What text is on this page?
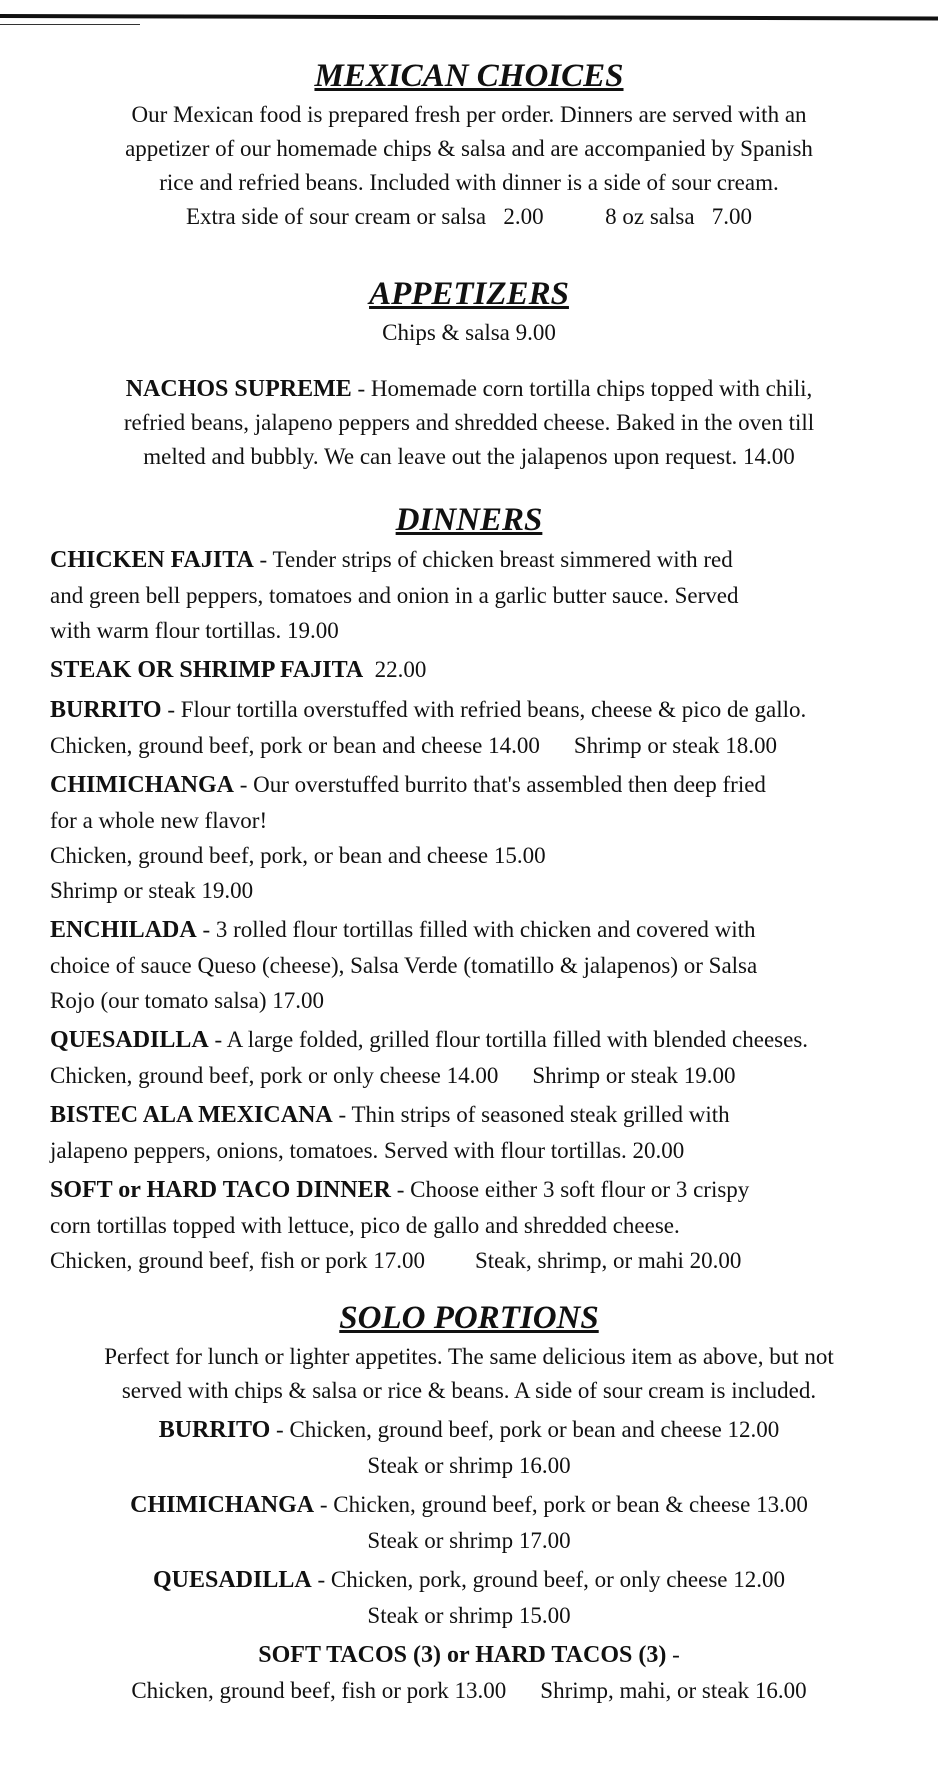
MEXICAN CHOICES

Our Mexican food is prepared fresh per order. Dinners are served with an

appetizer of our homemade chips & salsa and are accompanied by Spanish

rice and refried beans. Included with dinner is a side of sour cream.

Extra side of sour cream or salsa 2.00	8 oz salsa 7.00

APPETIZERS

Chips & salsa 9.00

NACHOS SUPREME - Homemade corn tortilla chips topped with chili,

refried beans, jalapeno peppers and shredded cheese. Baked in the oven till

melted and bubbly. We can leave out the jalapenos upon request. 14.00

DINNERS

CHICKEN FAJITA - Tender strips of chicken breast simmered with red

and green bell peppers, tomatoes and onion in a garlic butter sauce. Served

with warm flour tortillas. 19.00

STEAK OR SHRIMP FAJITA 22.00

BURRITO - Flour tortilla overstuffed with refried beans, cheese & pico de gallo.

Chicken, ground beef, pork or bean and cheese 14.00 Shrimp or steak 18.00

CHIMICHANGA - Our overstuffed burrito that's assembled then deep fried

for a whole new flavor!

Chicken, ground beef, pork, or bean and cheese 15.00

Shrimp or steak 19.00

ENCHILADA - 3 rolled flour tortillas filled with chicken and covered with

choice of sauce Queso (cheese), Salsa Verde (tomatillo & jalapenos) or Salsa

Rojo (our tomato salsa) 17.00

QUESADILLA - A large folded, grilled flour tortilla filled with blended cheeses.

Chicken, ground beef, pork or only cheese 14.00 Shrimp or steak 19.00

BISTEC ALA MEXICANA - Thin strips of seasoned steak grilled with

jalapeno peppers, onions, tomatoes. Served with flour tortillas. 20.00

SOFT or HARD TACO DINNER - Choose either 3 soft flour or 3 crispy

corn tortillas topped with lettuce, pico de gallo and shredded cheese.

Chicken, ground beef, fish or pork 17.00 Steak, shrimp, or mahi 20.00

SOLO PORTIONS

Perfect for lunch or lighter appetites. The same delicious item as above, but not

served with chips & salsa or rice & beans. A side of sour cream is included.

BURRITO - Chicken, ground beef, pork or bean and cheese 12.00

Steak or shrimp 16.00

CHIMICHANGA - Chicken, ground beef, pork or bean & cheese 13.00

Steak or shrimp 17.00

QUESADILLA - Chicken, pork, ground beef, or only cheese 12.00

Steak or shrimp 15.00

SOFT TACOS (3) or HARD TACOS (3) -

Chicken, ground beef, fish or pork 13.00 Shrimp, mahi, or steak 16.00
